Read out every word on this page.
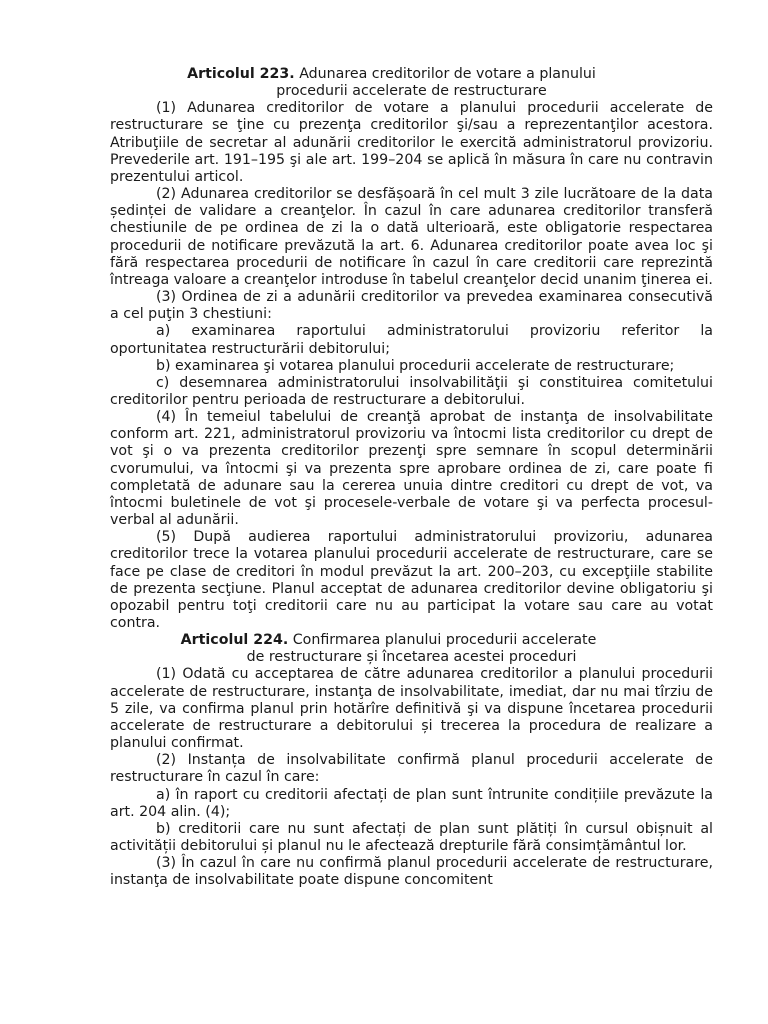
Articolul 223. Adunarea creditorilor de votare a planului

procedurii accelerate de restructurare

(1) Adunarea creditorilor de votare a planului procedurii accelerate de restructurare se ţine cu prezenţa creditorilor şi/sau a reprezentanţilor acestora. Atribuţiile de secretar al adunării creditorilor le exercită administratorul provizoriu. Prevederile art. 191–195 şi ale art. 199–204 se aplică în măsura în care nu contravin prezentului articol.

(2) Adunarea creditorilor se desfășoară în cel mult 3 zile lucrătoare de la data ședinței de validare a creanţelor. În cazul în care adunarea creditorilor transferă chestiunile de pe ordinea de zi la o dată ulterioară, este obligatorie respectarea procedurii de notificare prevăzută la art. 6. Adunarea creditorilor poate avea loc şi fără respectarea procedurii de notificare în cazul în care creditorii care reprezintă întreaga valoare a creanţelor introduse în tabelul creanţelor decid unanim ţinerea ei.

(3) Ordinea de zi a adunării creditorilor va prevedea examinarea consecutivă a cel puţin 3 chestiuni:

a) examinarea raportului administratorului provizoriu referitor la oportunitatea restructurării debitorului;

b) examinarea şi votarea planului procedurii accelerate de restructurare;

c) desemnarea administratorului insolvabilităţii şi constituirea comitetului creditorilor pentru perioada de restructurare a debitorului.

(4) În temeiul tabelului de creanţă aprobat de instanţa de insolvabilitate conform art. 221, administratorul provizoriu va întocmi lista creditorilor cu drept de vot şi o va prezenta creditorilor prezenţi spre semnare în scopul determinării cvorumului, va întocmi şi va prezenta spre aprobare ordinea de zi, care poate fi completată de adunare sau la cererea unuia dintre creditori cu drept de vot, va întocmi buletinele de vot şi procesele-verbale de votare şi va perfecta procesul-verbal al adunării.

(5) După audierea raportului administratorului provizoriu, adunarea creditorilor trece la votarea planului procedurii accelerate de restructurare, care se face pe clase de creditori în modul prevăzut la art. 200–203, cu excepţiile stabilite de prezenta secţiune. Planul acceptat de adunarea creditorilor devine obligatoriu şi opozabil pentru toţi creditorii care nu au participat la votare sau care au votat contra.

Articolul 224. Confirmarea planului procedurii accelerate

de restructurare și încetarea acestei proceduri

(1) Odată cu acceptarea de către adunarea creditorilor a planului procedurii accelerate de restructurare, instanţa de insolvabilitate, imediat, dar nu mai tîrziu de 5 zile, va confirma planul prin hotărîre definitivă şi va dispune încetarea procedurii accelerate de restructurare a debitorului și trecerea la procedura de realizare a planului confirmat.

(2) Instanța de insolvabilitate confirmă planul procedurii accelerate de restructurare în cazul în care:

a) în raport cu creditorii afectați de plan sunt întrunite condițiile prevăzute la art. 204 alin. (4);

b) creditorii care nu sunt afectați de plan sunt plătiți în cursul obișnuit al activității debitorului și planul nu le afectează drepturile fără consimțământul lor.

(3) În cazul în care nu confirmă planul procedurii accelerate de restructurare, instanţa de insolvabilitate poate dispune concomitent
